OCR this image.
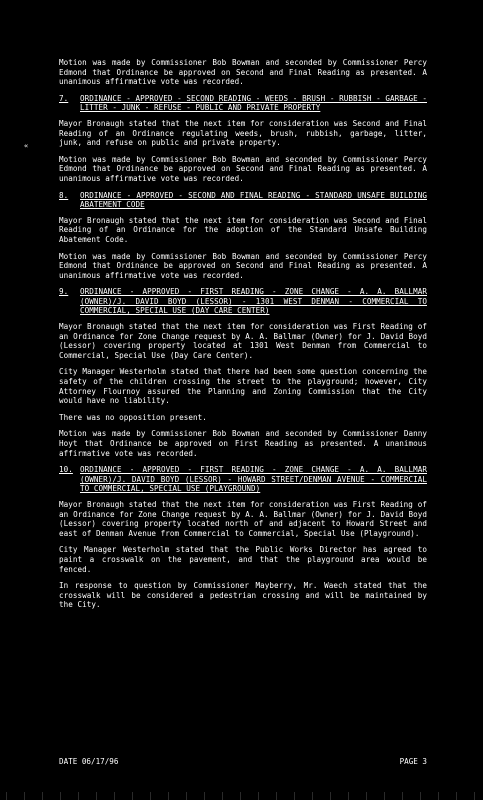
Motion was made by Commissioner Bob Bowman and seconded by Commissioner Percy Edmond that Ordinance be approved on Second and Final Reading as presented. A unanimous affirmative vote was recorded.

7.	ORDINANCE - APPROVED - SECOND READING - WEEDS - BRUSH - RUBBISH - GARBAGE - LITTER - JUNK - REFUSE - PUBLIC AND PRIVATE PROPERTY

Mayor Bronaugh stated that the next item for consideration was Second and Final Reading of an Ordinance regulating weeds, brush, rubbish, garbage, litter, junk, and refuse on public and private property.

Motion was made by Commissioner Bob Bowman and seconded by Commissioner Percy Edmond that Ordinance be approved on Second and Final Reading as presented. A unanimous affirmative vote was recorded.

8.	ORDINANCE - APPROVED - SECOND AND FINAL READING - STANDARD UNSAFE BUILDING ABATEMENT CODE

Mayor Bronaugh stated that the next item for consideration was Second and Final Reading of an Ordinance for the adoption of the Standard Unsafe Building Abatement Code.

Motion was made by Commissioner Bob Bowman and seconded by Commissioner Percy Edmond that Ordinance be approved on Second and Final Reading as presented. A unanimous affirmative vote was recorded.

9.	ORDINANCE - APPROVED - FIRST READING - ZONE CHANGE - A. A. BALLMAR (OWNER)/J. DAVID BOYD (LESSOR) - 1301 WEST DENMAN - COMMERCIAL TO COMMERCIAL, SPECIAL USE (DAY CARE CENTER)

Mayor Bronaugh stated that the next item for consideration was First Reading of an Ordinance for Zone Change request by A. A. Ballmar (Owner) for J. David Boyd (Lessor) covering property located at 1301 West Denman from Commercial to Commercial, Special Use (Day Care Center).

City Manager Westerholm stated that there had been some question concerning the safety of the children crossing the street to the playground; however, City Attorney Flournoy assured the Planning and Zoning Commission that the City would have no liability.

There was no opposition present.

Motion was made by Commissioner Bob Bowman and seconded by Commissioner Danny Hoyt that Ordinance be approved on First Reading as presented. A unanimous affirmative vote was recorded.

10. ORDINANCE - APPROVED - FIRST READING - ZONE CHANGE - A. A. BALLMAR (OWNER)/J. DAVID BOYD (LESSOR) - HOWARD STREET/DENMAN AVENUE - COMMERCIAL TO COMMERCIAL, SPECIAL USE (PLAYGROUND)

Mayor Bronaugh stated that the next item for consideration was First Reading of an Ordinance for Zone Change request by A. A. Ballmar (Owner) for J. David Boyd (Lessor) covering property located north of and adjacent to Howard Street and east of Denman Avenue from Commercial to Commercial, Special Use (Playground).

City Manager Westerholm stated that the Public Works Director has agreed to paint a crosswalk on the pavement, and that the playground area would be fenced.

In response to question by Commissioner Mayberry, Mr. Waech stated that the crosswalk will be considered a pedestrian crossing and will be maintained by the City.

«
DATE 06/17/96	PAGE 3
